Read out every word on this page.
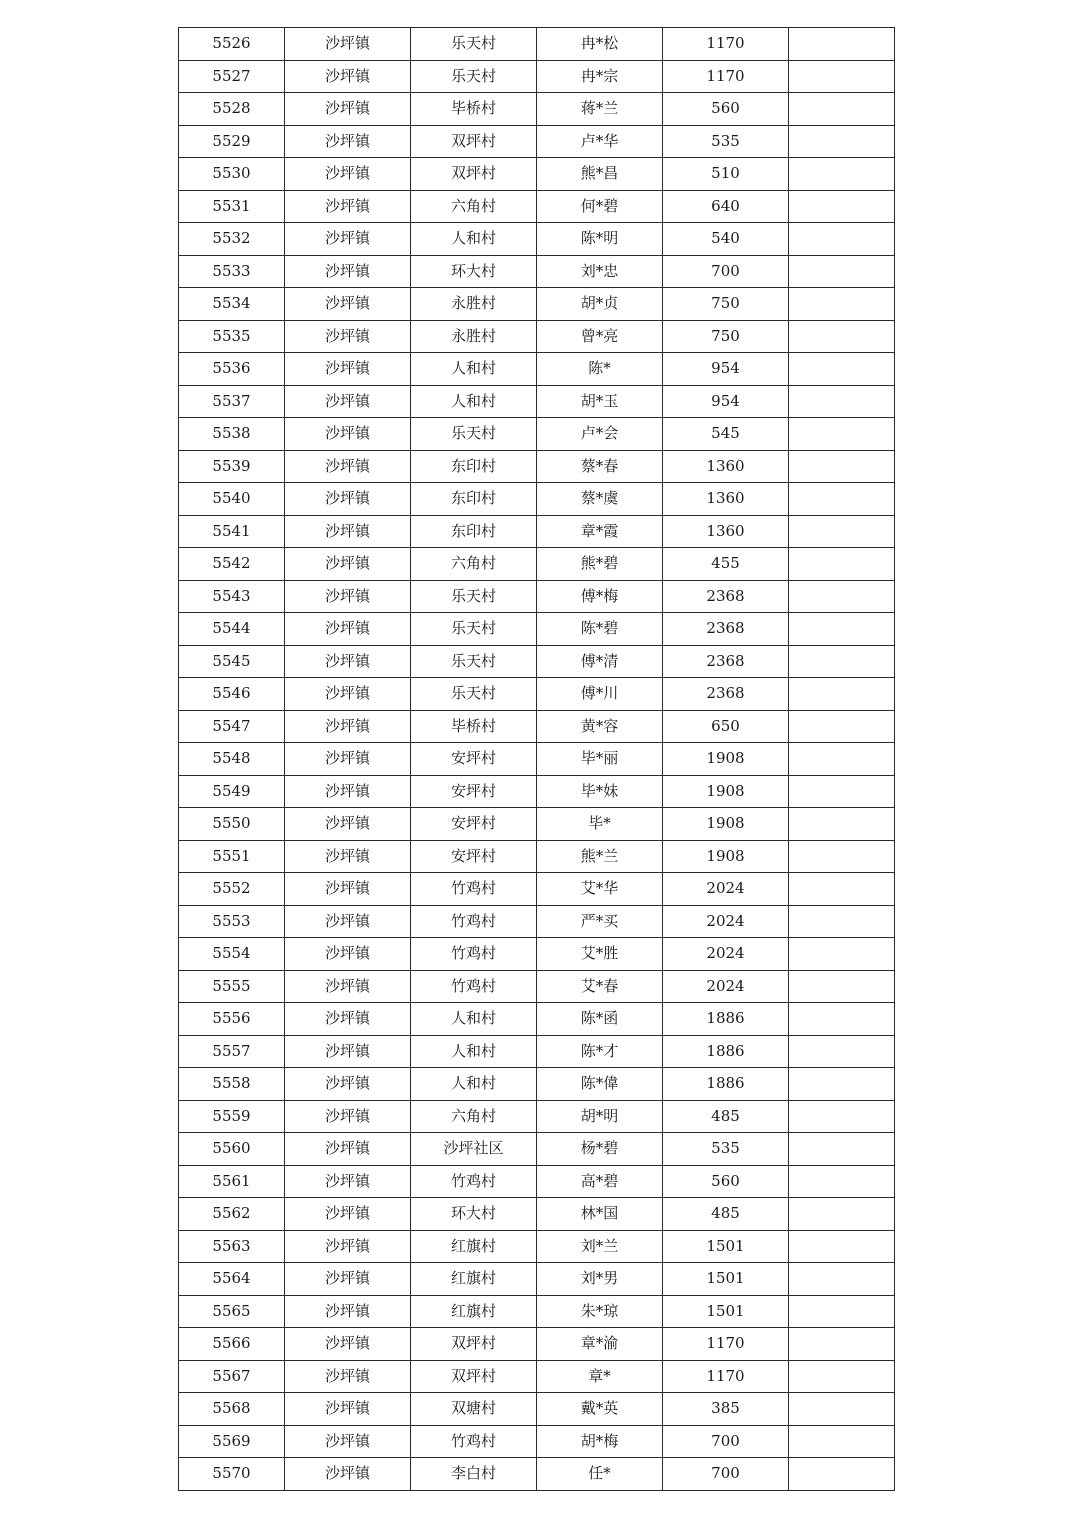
5526	沙坪镇	乐天村	冉*松	1170	
5527	沙坪镇	乐天村	冉*宗	1170	
5528	沙坪镇	毕桥村	蒋*兰	560	
5529	沙坪镇	双坪村	卢*华	535	
5530	沙坪镇	双坪村	熊*昌	510	
5531	沙坪镇	六角村	何*碧	640	
5532	沙坪镇	人和村	陈*明	540	
5533	沙坪镇	环大村	刘*忠	700	
5534	沙坪镇	永胜村	胡*贞	750	
5535	沙坪镇	永胜村	曾*亮	750	
5536	沙坪镇	人和村	陈*	954	
5537	沙坪镇	人和村	胡*玉	954	
5538	沙坪镇	乐天村	卢*会	545	
5539	沙坪镇	东印村	蔡*春	1360	
5540	沙坪镇	东印村	蔡*虞	1360	
5541	沙坪镇	东印村	章*霞	1360	
5542	沙坪镇	六角村	熊*碧	455	
5543	沙坪镇	乐天村	傅*梅	2368	
5544	沙坪镇	乐天村	陈*碧	2368	
5545	沙坪镇	乐天村	傅*清	2368	
5546	沙坪镇	乐天村	傅*川	2368	
5547	沙坪镇	毕桥村	黄*容	650	
5548	沙坪镇	安坪村	毕*丽	1908	
5549	沙坪镇	安坪村	毕*妹	1908	
5550	沙坪镇	安坪村	毕*	1908	
5551	沙坪镇	安坪村	熊*兰	1908	
5552	沙坪镇	竹鸡村	艾*华	2024	
5553	沙坪镇	竹鸡村	严*买	2024	
5554	沙坪镇	竹鸡村	艾*胜	2024	
5555	沙坪镇	竹鸡村	艾*春	2024	
5556	沙坪镇	人和村	陈*函	1886	
5557	沙坪镇	人和村	陈*才	1886	
5558	沙坪镇	人和村	陈*偉	1886	
5559	沙坪镇	六角村	胡*明	485	
5560	沙坪镇	沙坪社区	杨*碧	535	
5561	沙坪镇	竹鸡村	高*碧	560	
5562	沙坪镇	环大村	林*国	485	
5563	沙坪镇	红旗村	刘*兰	1501	
5564	沙坪镇	红旗村	刘*男	1501	
5565	沙坪镇	红旗村	朱*琼	1501	
5566	沙坪镇	双坪村	章*渝	1170	
5567	沙坪镇	双坪村	章*	1170	
5568	沙坪镇	双塘村	戴*英	385	
5569	沙坪镇	竹鸡村	胡*梅	700	
5570	沙坪镇	李白村	任*	700	
